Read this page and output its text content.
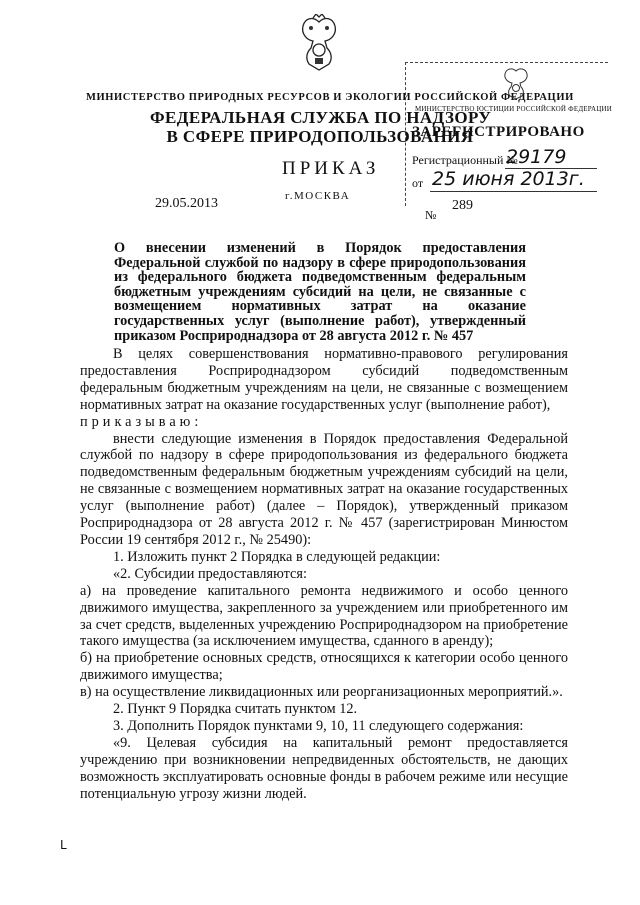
МИНИСТЕРСТВО ПРИРОДНЫХ РЕСУРСОВ И ЭКОЛОГИИ РОССИЙСКОЙ ФЕДЕРАЦИИ
ФЕДЕРАЛЬНАЯ СЛУЖБА ПО НАДЗОРУ
В СФЕРЕ ПРИРОДОПОЛЬЗОВАНИЯ
ПРИКАЗ
29.05.2013	г.МОСКВА
№
289
МИНИСТЕРСТВО ЮСТИЦИИ РОССИЙСКОЙ ФЕДЕРАЦИИ
ЗАРЕГИСТРИРОВАНО
Регистрационный №
29179
от 25 июня 2013г.
О внесении изменений в Порядок предоставления Федеральной службой по надзору в сфере природопользования из федерального бюджета подведомственным федеральным бюджетным учреждениям субсидий на цели, не связанные с возмещением нормативных затрат на оказание государственных услуг (выполнение работ), утвержденный приказом Росприроднадзора от 28 августа 2012 г. № 457

В целях совершенствования нормативно-правового регулирования предоставления Росприроднадзором субсидий подведомственным федеральным бюджетным учреждениям на цели, не связанные с возмещением нормативных затрат на оказание государственных услуг (выполнение работ),

приказываю:

внести следующие изменения в Порядок предоставления Федеральной службой по надзору в сфере природопользования из федерального бюджета подведомственным федеральным бюджетным учреждениям субсидий на цели, не связанные с возмещением нормативных затрат на оказание государственных услуг (выполнение работ) (далее – Порядок), утвержденный приказом Росприроднадзора от 28 августа 2012 г. № 457 (зарегистрирован Минюстом России 19 сентября 2012 г., № 25490):

1. Изложить пункт 2 Порядка в следующей редакции:

«2. Субсидии предоставляются:

а) на проведение капитального ремонта недвижимого и особо ценного движимого имущества, закрепленного за учреждением или приобретенного им за счет средств, выделенных учреждению Росприроднадзором на приобретение такого имущества (за исключением имущества, сданного в аренду);

б) на приобретение основных средств, относящихся к категории особо ценного движимого имущества;

в) на осуществление ликвидационных или реорганизационных мероприятий.».

2. Пункт 9 Порядка считать пунктом 12.

3. Дополнить Порядок пунктами 9, 10, 11 следующего содержания:

«9. Целевая субсидия на капитальный ремонт предоставляется учреждению при возникновении непредвиденных обстоятельств, не дающих возможность эксплуатировать основные фонды в рабочем режиме или несущие потенциальную угрозу жизни людей.

ᒪ
